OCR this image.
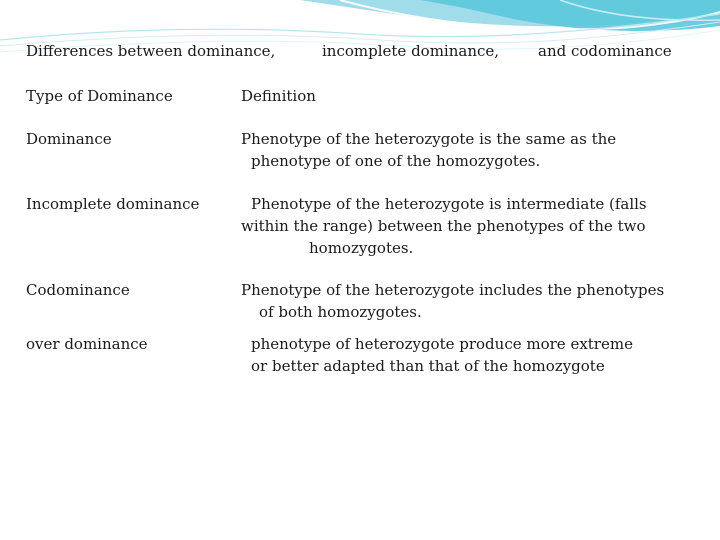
Differences between dominance,	incomplete dominance,	and codominance
Type of Dominance	Definition
Dominance	Phenotype of the heterozygote is the same as the
phenotype of one of the homozygotes.
Incomplete dominance	Phenotype of the heterozygote is intermediate (falls
within the range) between the phenotypes of the two
homozygotes.
Codominance	Phenotype of the heterozygote includes the phenotypes
of both homozygotes.
over dominance	phenotype of heterozygote produce more extreme
or better adapted than that of the homozygote
